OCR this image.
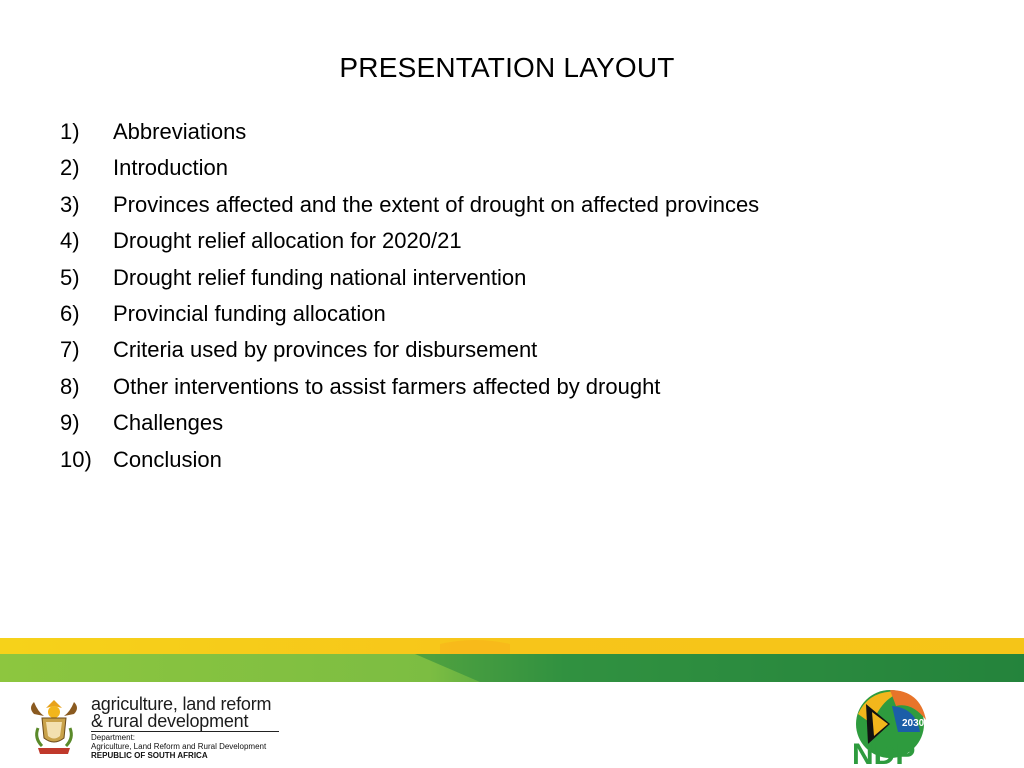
PRESENTATION LAYOUT
1)	Abbreviations
2)	Introduction
3)	Provinces affected and the extent of drought on affected provinces
4)	Drought relief allocation for 2020/21
5)	Drought relief funding national intervention
6)	Provincial funding allocation
7)	Criteria used by provinces for disbursement
8)	Other interventions to assist farmers affected by drought
9)	Challenges
10) Conclusion
agriculture, land reform
& rural development
Department:
Agriculture, Land Reform and Rural Development
REPUBLIC OF SOUTH AFRICA
2030
NDP
